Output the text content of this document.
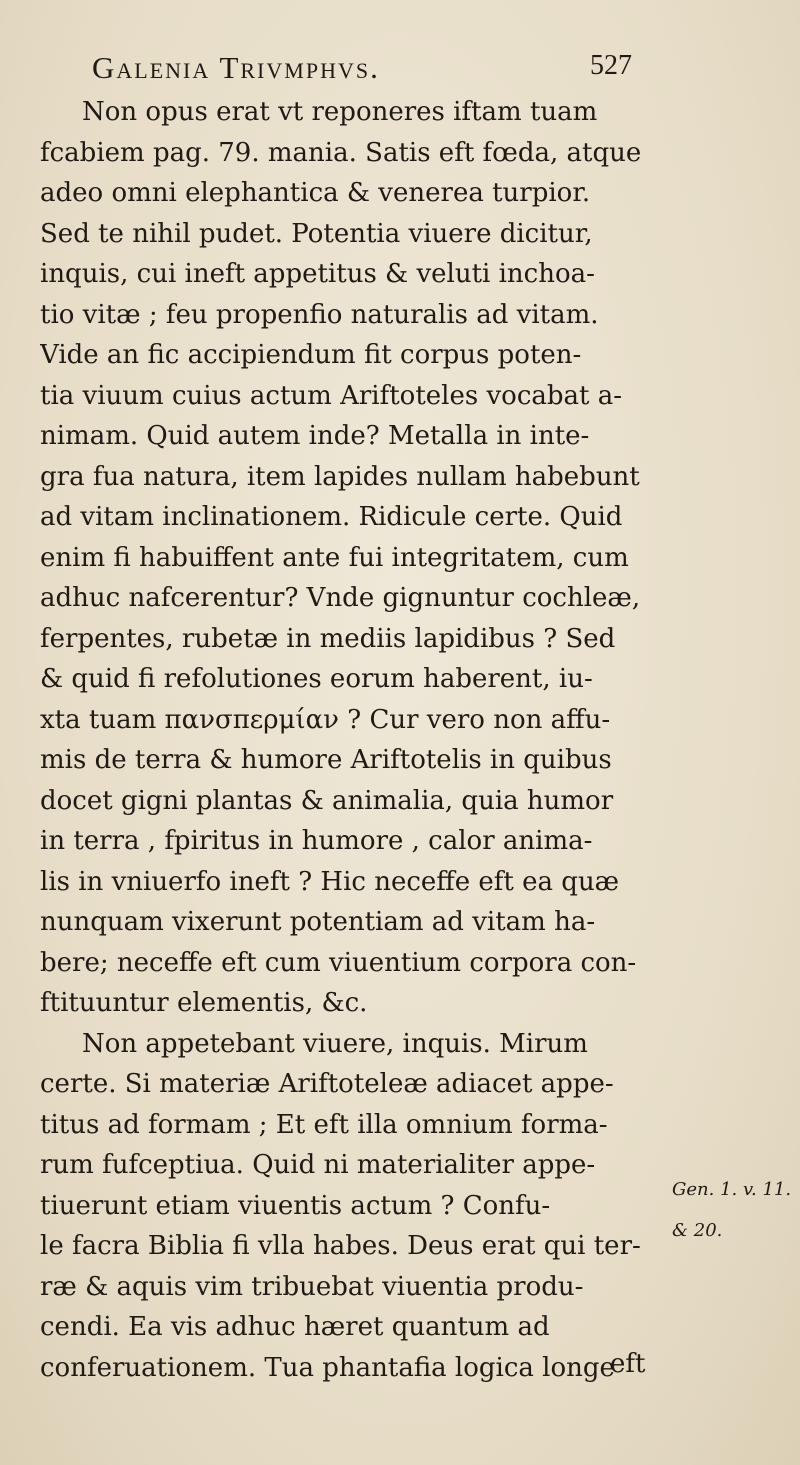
Galenia Trivmphvs.	527
Non opus erat vt reponeres iftam tuam
fcabiem pag. 79. mania. Satis eft fœda, atque
adeo omni elephantica & venerea turpior.
Sed te nihil pudet. Potentia viuere dicitur,
inquis, cui ineft appetitus & veluti inchoa-
tio vitæ ; feu propenfio naturalis ad vitam.
Vide an fic accipiendum fit corpus poten-
tia viuum cuius actum Ariftoteles vocabat a-
nimam. Quid autem inde? Metalla in inte-
gra fua natura, item lapides nullam habebunt
ad vitam inclinationem. Ridicule certe. Quid
enim fi habuiffent ante fui integritatem, cum
adhuc nafcerentur? Vnde gignuntur cochleæ,
ferpentes, rubetæ in mediis lapidibus ? Sed
& quid fi refolutiones eorum haberent, iu-
xta tuam πανσπερμίαν ? Cur vero non affu-
mis de terra & humore Ariftotelis in quibus
docet gigni plantas & animalia, quia humor
in terra , fpiritus in humore , calor anima-
lis in vniuerfo ineft ? Hic neceffe eft ea quæ
nunquam vixerunt potentiam ad vitam ha-
bere; neceffe eft cum viuentium corpora con-
ftituuntur elementis, &c.
Non appetebant viuere, inquis. Mirum
certe. Si materiæ Ariftoteleæ adiacet appe-
titus ad formam ; Et eft illa omnium forma-
rum fufceptiua. Quid ni materialiter appe-
tiuerunt etiam viuentis actum ? Confu-
le facra Biblia fi vlla habes. Deus erat qui ter-
ræ & aquis vim tribuebat viuentia produ-
cendi. Ea vis adhuc hæret quantum ad
conferuationem. Tua phantafia logica longe
Gen. 1. v. 11.
& 20.
eft
